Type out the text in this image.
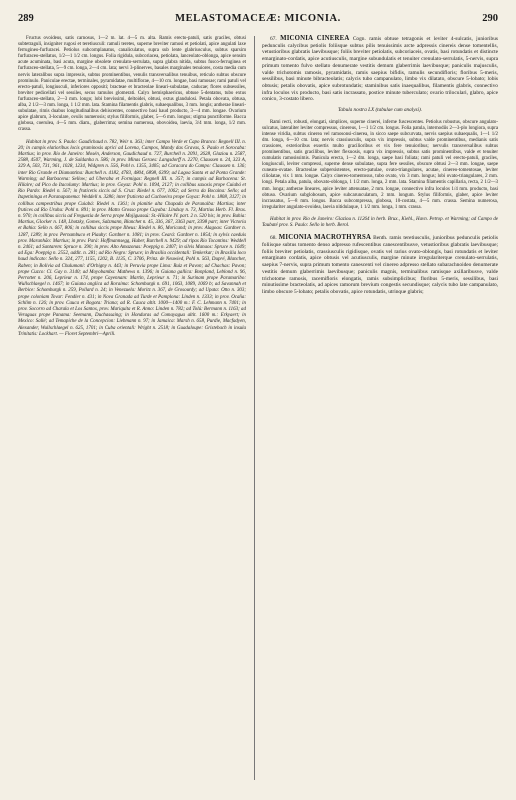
289	MELASTOMACEÆ: MICONIA.	290

Fructus ovoideus, satis carnosus, 1—2 m. lat. 4—5 m. alta. Ramis erecto-patuli, satis graciles, obtusi subtetraguli, insigniter rugosi et teretiusculi: ramuli teretes, superne breviter ramosi et petiolati, apice angulati laxe ferrugineo-furfuracei. Petiolus subcomplanatus, canaliculatus, supra sub lente glabriusculus, subtus sparsim furfuraceo-stellatus, 1/2—1 1/2 cm. longus. Folia rigidula, subcoriacea, petiolata, lanceolato-oblonga, apice sensim acute acuminata, basi acuta, margine obsolete crenulato-serrulata, supra glabra nitida, subtus fusco-ferruginea et furfuraceo-stellata, 5—9 cm. longa, 2—4 cm. lata; nervi 3-plinerves, basales marginales tenuiores, costa media cum nervis lateralibus supra impressis, subtus prominentibus, venulis transversalibus tenuibus, reticulo subtus obscure prominulo. Paniculae erectae, terminales, pyramidatae, multiflorae, 4—10 cm. longae, basi ramosae; rami patuli vel erecto-patuli, longiusculi, inferiores oppositi; bracteae et bracteolae lineari-subulatae, caducae; flores subsessiles, breviter pedicellati vel sessiles, secus ramulos glomerati. Calyx hemisphaericus, obtuse 5-dentatus, tubo extus furfuraceo-stellato, 2—3 mm. longo; lobi brevissimi, deltoidei, obtusi, extus glandulosi. Petala obovata, obtusa, alba, 2 1/2—3 mm. longa, 1 1/2 mm. lata. Stamina filamentis glabris, subaequalibus, 3 mm. longis; antherae lineari-subulatae, rimis duabus longitudinalibus dehiscentes, connectivo basi haud producto, 3—4 mm. longae. Ovarium apice glabrum, 3-loculare, ovulis numerosis; stylus filiformis, glaber, 5—6 mm. longus; stigma punctiforme. Bacca globosa, coerulea, 4—5 mm. diam., glaberrima; semina numerosa, obovoidea, laevia, 3/4 mm. longa, 1/2 mm. crassa.

Habitat in prov. S. Paulo: Gaudichaud n. 782, Weir n. 363; inter Campo Verde et Capo Branco: Regnell III. n. 20; in campis elatioribus locis graminosis aprici ad Lorena, Campos, Mandy das Gravas, S. Paulo et Sorocaba: Martius; in prov. Rio de Janeiro: Mosén, Anderson, Gaudichaud n. 727, Burchell n. 2091, 2628, Glaziou n. 2587, 2588, 4507, Warming, J. de Saldanha n. 586; in prov. Minas Geraes: Langsdorff n. 2270, Claussen n. 24, 323 A, 329 A, 503, 731, 961, 1028, 1234, Widgren n. 556, Pohl n. 1355, 3405; ad Caracara do Campo: Claussen n. 136; inter Rio Grande et Diamantina: Burchell n. 4182, 4783, 4804, 6898, 6399; ad Lagoa Santa et ad Ponta Grande: Warming; ad Barbacena: Sellow; ad Uberaba et Formigas: Regnell III. n. 357; in campis ad Barbacena: St. Hilaire; ad Pico do Itacolumy: Martius; in prov. Goyaz: Pohl n. 1094, 2127; in collibus saxosis prope Cuiabá et Rio Pardo: Riedel n. 567; in fruticetis siccis ad S. Cruz: Riedel n. 677, 1062; ad Serra da Bocaina: Sello; ad Itapetininga et Paranapanema: Weddell n. 3286; inter fruticeta ad Cachoeira prope Goyaz: Pohl n. 1808, 3127; in collibus campestribus prope Cuiabá: Riedel n. 1361; in planitie alta Chapada de Paranaiba: Martius; inter frutices ad Rio Uruhu: Pohl n. 891; in prov. Matto Grosso prope Cuyaba: Lindsay n. 73, Martius Herb. Fl. Bras. n. 970; in collibus siccis ad Freguezia de Serra prope Mojiguassú: St.-Hilaire IV. part. 2 n. 520 bis; in prov. Bahia: Martius, Glocker n. 148, Lhotzky, Gomes, Salzmann, Blanchet n. 45, 336, 367, 3363 part, 3398 part; inter Victoria et Bahia: Sello n. 667, 806; in collibus siccis prope Ilheus: Riedel n. 86, Moricand; in prov. Alagoas: Gardner n. 1287, 1289; in prov. Pernambuco et Piauhy: Gardner n. 1081; in prov. Ceará: Gardner n. 1854; in sylvis caeduis prov. Maranhão: Martius; in prov. Pará: Hoffmannsegg, Huber, Burchell n. 9429; ad ripas Rio Tocantins: Weddell n. 2461; ad Santarem: Spruce n. 390; in prov. Alto Amazonas: Poeppig n. 2407; in silvis Manaos: Spruce n. 1649; ad Ega: Poeppig n. 2552, addit. n. 281; ad Rio Negro: Spruce; in Brasilia occidentali: Tenkerkar; in Brasilia loco haud indicato: Sello n. 324, 277, 1155, 1202, B. 1135, C. 3706, Prinz. de Neuwied, Pohl n. 563, Dupré, Blanchet, Raben; in Bolivia ad Chulumani: d'Orbigny n. 443; in Peruvia prope Lima: Ruiz et Pavon; ad Chachas: Pavon; prope Cuzco: Cl. Gay n. 3140; ad Moyobamba: Mathews n. 1396; in Guiana gallica: Bonpland, Leblond n. 96, Perrottet n. 206, Leprieur n. 174, prope Cayennam: Martin, Leprieur n. 71; in Surinam prope Paramaribo: Wullschlaegel n. 1467; in Guiana anglica ad Roraima: Schomburgk n. 691, 1063, 1089, 1069 b; ad Savannah et Berbice: Schomburgk n. 259, Pollard n. 24; in Venezuela: Moritz n. 367, de Grosourdy; ad Upata: Otto n. 303; prope coloniam Tovar: Fendler n. 431; in Nova Granada ad Turde et Pamplona: Linden n. 1333; in prov. Ocaña: Schlim n. 126; in prov. Cauca et Bogota: Triana; ad R. Cauca altit. 1000—1400 m.: F. C. Lehmann n. 7401; in prov. Socorro ad Charala et Los Santos, prov. Mariquita et R. Anno: Linden n. 782; ad Tolú: Bermann n. 1163; ad Veraguas prope Panama: Seemann, Duchassaing; in Honduras ad Comayagua altit. 1600 m.: Erkyaert; in Mexico: Sallé; ad Temapiche de la Concepcion: Liebmann n. 97; in Jamaica: Marsh n. 658, Purdie, Macfadyen, Alexander, Wullschlaegel n. 625, 1701; in Cuba orientali: Wright n. 2518; in Guadaloupe: Gristebach in insula Trinitatis: Lockhart. — Floret Septembri—Aprili.

67. MICONIA CINEREA Cogn. ramis obtuse tetragonis et leviter 4-sulcatis, junioribus pedunculis calycibus petiolis foliisque subtus pilis tenuissimis arcte adpressis cinereis dense tomentellis, vetustioribus glabratis laevibusque; foliis breviter petiolatis, subcoriaceis, ovatis, basi rotundatis et distincte emarginato-cordatis, apice acutiusculis, margine subundulatis et tenuiter crenulato-serrulatis, 5-nervis, supra primum tomento fulvo stellato denumerate vestitis demum glaberrimis laevibusque; paniculis majusculis, valde trichotomis ramosis, pyramidatis, ramis saepius bifidis, ramulis secundifloris; floribus 5-meris, sessilibus, basi minute bibracteolatis; calycis tubo campanulato, limbo vix dilatato, obscure 5-lobato; lobis obtusis; petalis obovatis, apice subrotundatis; staminibus satis inaequalibus, filamentis glabris, connectivo infra loculos vix producto, basi satis incrassato, postice minute tuberculato; ovario triloculari, glabro, apice conico, 3-costato libero.

Tabula nostra LX (tabulae cum analysi).

Rami recti, robusti, elongati, simplices, superne cinerei, inferne fuscescentes. Petiolus robustus, obscure angulato-sulcatus, lateraliter leviter compressus, cinereus, 1—1 1/2 cm. longus. Folia patula, internodiis 2—3-plo longiora, supra intense viridia, subtus cinerea vel ramosonsi-cinerea, in sicco saepe subcurvata, nervis saepius subaequalis, 1—1 1/2 dm. longa, 6—10 cm. lata; nervis crassiusculis, supra vix impressis, subtus valde prominentibus, medianis satis crassiores, exterioribus exsertis multo gracilioribus et vix fere tenuioribus; nervulis transversalibus subtus prominentibus, satis gracilibus, leviter flexuosis, supra vix impressis, subtus satis prominentibus, valde et tenuiter cumulatis ramosissimis. Panicula erecta, 1—2 dm. longa, saepe basi foliata; rami patuli vel erecto-patuli, graciles, longiusculi, leviter compressi, superne dense subulatae, supra fere sessiles, obscure obtusi 2—3 mm. longae, saepe cuneato-ovatae. Bracteolae subpersistentes, erecto-patulae, ovato-triangulares, acutae, cinereo-tomentosae, leviter ciliolatae, vix 1 mm. longae. Calyx cinereo-tomentosus, tubo ovato, vix 3 mm. longus; lobi ovato-triangulares, 2 mm. longi. Petala alba, patula, obovato-oblonga, 1 1/2 mm. longa, 2 mm. lata. Stamina filamentis capillaria, recta, 2 1/2—3 mm. longa; antherae lineares, apice leviter attenuatae, 2 mm. longae, connectivo infra loculos 1/4 mm. producto, basi obtuso. Ovarium subglobosum, apice subcarunculatum, 2 mm. longum. Stylus filiformis, glaber, apice leviter incrassatus, 5—8 mm. longus. Bacca subcompressa, globosa, 10-costata, 4—5 mm. crassa. Semina numerosa, irregulariter angulato-ovoidea, laevia nitidulaque, 1 1/2 mm. longa, 1 mm. crassa.

Habitat in prov. Rio de Janeiro: Glaziou n. 11264 in herb. Brux., Kiehl., Havn. Petrop. et Warming; ad Campo de Taubaté prov. S. Paulo: Sello in herb. Berol.

68. MICONIA MACROTHYRSA Benth. ramis teretiusculis, junioribus pedunculis petiolis foliisque subtus tomento denso adpresso rufescentibus canescentibusve, vetustioribus glabratis laevibusque; foliis breviter petiolatis, crassiusculis rigidisque, ovatis vel rarius ovato-oblongis, basi rotundatis et leviter emarginato cordatis, apice obtusis vel acutiusculis, margine minute irregulariterque crenulato-serrulatis, saepius 7-nervis, supra primum tomento canescenti vel cinereo adpresso stellato subarachnoideo denumerate vestitis demum glaberrimis laevibusque; paniculis magnis, terminalibus ramisque axillaribusve, valde trichotome ramosis, racemifloris elongatis, ramis subsimplicibus; floribus 5-meris, sessilibus, basi minutissime bracteolatis, ad apices ramorum brevium congestis secundisque; calycis tubo late campanulato, limbo obscure 5-lobato; petalis obovatis, apice rotundatis, utrinque glabris;
